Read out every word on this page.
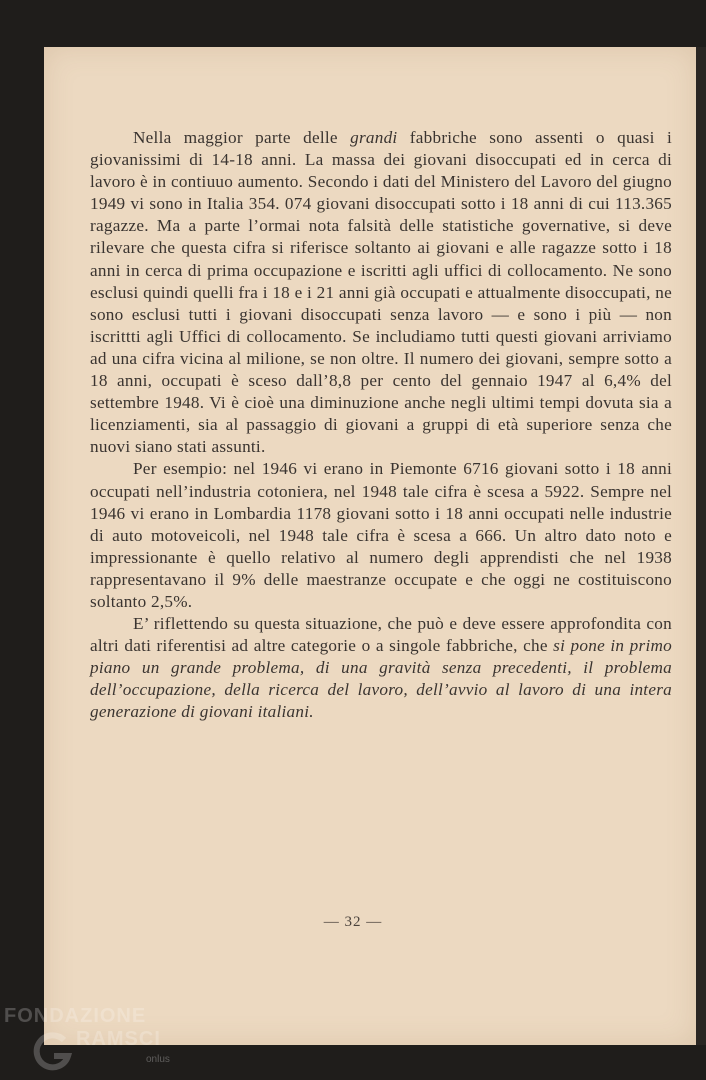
Nella maggior parte delle grandi fabbriche sono assenti o quasi i giovanissimi di 14-18 anni. La massa dei giovani disoccupati ed in cerca di lavoro è in contiuuo aumento. Secondo i dati del Ministero del Lavoro del giugno 1949 vi sono in Italia 354. 074 giovani disoccupati sotto i 18 anni di cui 113.365 ragazze. Ma a parte l’ormai nota falsità delle statistiche governative, si deve rilevare che questa cifra si riferisce soltanto ai giovani e alle ragazze sotto i 18 anni in cerca di prima occupazione e iscritti agli uffici di collocamento. Ne sono esclusi quindi quelli fra i 18 e i 21 anni già occupati e attualmente disoccupati, ne sono esclusi tutti i giovani disoccupati senza lavoro — e sono i più — non iscrittti agli Uffici di collocamento. Se includiamo tutti questi giovani arriviamo ad una cifra vicina al milione, se non oltre. Il numero dei giovani, sempre sotto a 18 anni, occupati è sceso dall’8,8 per cento del gennaio 1947 al 6,4% del settembre 1948. Vi è cioè una diminuzione anche negli ultimi tempi dovuta sia a licenziamenti, sia al passaggio di giovani a gruppi di età superiore senza che nuovi siano stati assunti.

Per esempio: nel 1946 vi erano in Piemonte 6716 giovani sotto i 18 anni occupati nell’industria cotoniera, nel 1948 tale cifra è scesa a 5922. Sempre nel 1946 vi erano in Lombardia 1178 giovani sotto i 18 anni occupati nelle industrie di auto motoveicoli, nel 1948 tale cifra è scesa a 666. Un altro dato noto e impressionante è quello relativo al numero degli apprendisti che nel 1938 rappresentavano il 9% delle maestranze occupate e che oggi ne costituiscono soltanto 2,5%.

E’ riflettendo su questa situazione, che può e deve essere approfondita con altri dati riferentisi ad altre categorie o a singole fabbriche, che si pone in primo piano un grande problema, di una gravità senza precedenti, il problema dell’occupazione, della ricerca del lavoro, dell’avvio al lavoro di una intera generazione di giovani italiani.

— 32 —
FONDAZIONE
RAMSCI
onlus
